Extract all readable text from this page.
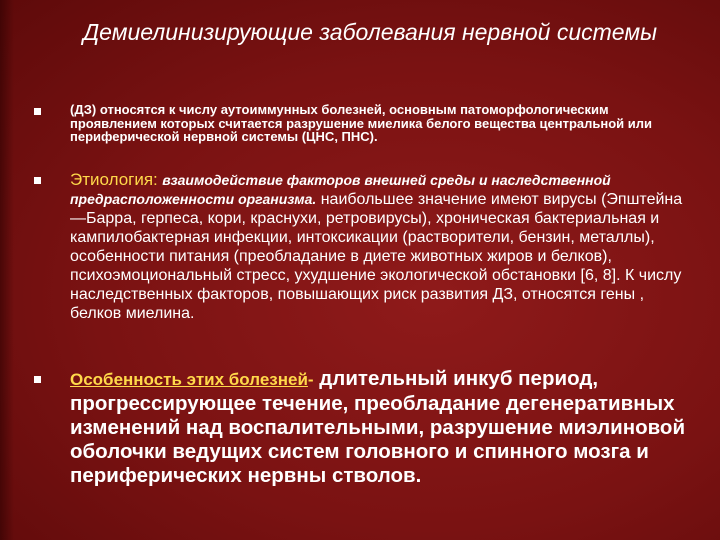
Демиелинизирующие заболевания нервной системы
(ДЗ) относятся к числу аутоиммунных болезней, основным патоморфологическим проявлением которых считается разрушение миелика белого вещества центральной или периферической нервной системы (ЦНС, ПНС).
Этиология: взаимодействие факторов внешней среды и наследственной предрасположенности организма. наибольшее значение имеют вирусы (Эпштейна—Барра, герпеса, кори, краснухи, ретровирусы), хроническая бактериальная и кампилобактерная инфекции, интоксикации (растворители, бензин, металлы), особенности питания (преобладание в диете животных жиров и белков), психоэмоциональный стресс, ухудшение экологической обстановки [6, 8]. К числу наследственных факторов, повышающих риск развития ДЗ, относятся гены , белков миелина.
Особенность этих болезней- длительный инкуб период, прогрессирующее течение, преобладание дегенеративных изменений над воспалительными, разрушение миэлиновой оболочки ведущих систем головного и спинного мозга и периферических нервны стволов.
